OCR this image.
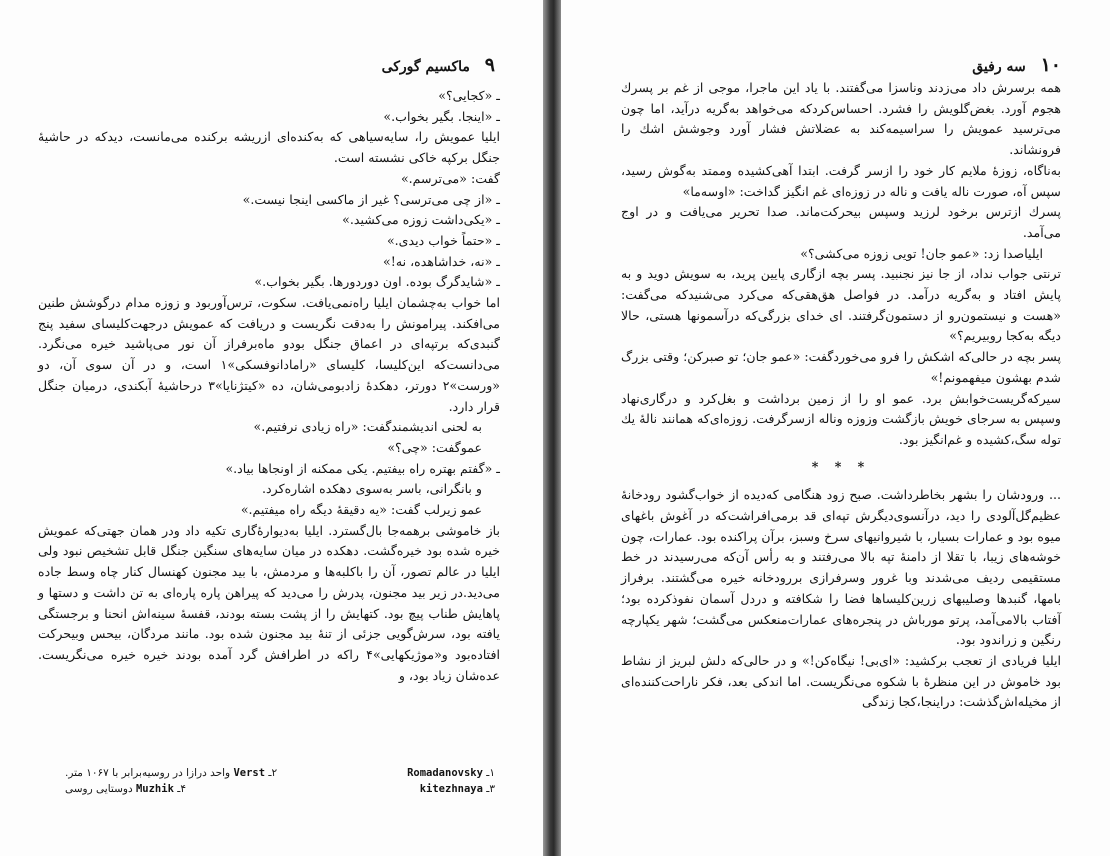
۹ ماکسیم گورکی

ـ «کجایی؟»

ـ «اینجا. بگیر بخواب.»

ایلیا عمویش را، سایه‌سیاهی که به‌کنده‌ای ازریشه برکنده می‌مانست، دیدکه در حاشیهٔ جنگل برکپه خاکی نشسته است.

گفت: «می‌ترسم.»

ـ «از چی می‌ترسی؟ غیر از ماکسی اینجا نیست.»

ـ «یکی‌داشت زوزه می‌کشید.»

ـ «حتماً خواب دیدی.»

ـ «نه، خداشاهده، نه!»

ـ «شایدگرگ بوده. اون دوردورها. بگیر بخواب.»

اما خواب به‌چشمان ایلیا راه‌نمی‌یافت. سکوت، ترس‌آوربود و زوزه مدام درگوشش طنین می‌افکند. پیرامونش را به‌دقت نگریست و دریافت که عمویش درجهت‌کلیسای سفید پنج گنبدی‌که برتپه‌ای در اعماق جنگل بودو ماه‌برفراز آن نور می‌پاشید خیره می‌نگرد. می‌دانست‌که این‌کلیسا، کلیسای «رامادانوفسکی»۱ است، و در آن سوی آن، دو «ورست»۲ دورتر، دهکدهٔ زادبومی‌شان، ده «کیتژنایا»۳ درحاشیهٔ آبکندی، درمیان جنگل قرار دارد.

به لحنی اندیشمندگفت: «راه زیادی نرفتیم.»

عموگفت: «چی؟»

ـ «گفتم بهتره راه بیفتیم. یکی ممکنه از اونجاها بیاد.»

و بانگرانی، باسر به‌سوی دهکده اشاره‌کرد.

عمو زیرلب گفت: «یه دقیقهٔ دیگه راه میفتیم.»

باز خاموشی برهمه‌جا بال‌گسترد. ایلیا به‌دیوارهٔ‌گاری تکیه داد ودر همان جهتی‌که عمویش خیره شده بود خیره‌گشت. دهکده در میان سایه‌های سنگین جنگل قابل تشخیص نبود ولی ایلیا در عالم تصور، آن را با‌کلبه‌ها و مردمش، با بید مجنون کهنسال کنار چاه وسط جاده می‌دید.در زیر بید مجنون، پدرش را می‌دید که پیراهن پاره پاره‌ای به تن داشت و دستها و پاهایش طناب پیچ بود. کتهایش را از پشت بسته بودند، قفسهٔ سینه‌اش انحنا و برجستگی یافته بود، سرش‌گویی جزئی از تنهٔ بید مجنون شده بود. مانند مردگان، بیحس وبیحرکت افتاده‌بود و«موژیکهایی»۴ راکه در اطرافش گرد آمده بودند خیره خیره می‌نگریست. عده‌شان زیاد بود، و

۲ـ Verst واحد درازا در روسیه‌برابر با ۱۰۶۷ متر.	۱ـ Romadanovsky
۴ـ Muzhik دوستایی روسی	۳ـ kitezhnaya
۱۰ سه رفیق

همه برسرش داد می‌زدند وناسزا می‌گفتند. با یاد این ماجرا، موجی از غم بر پسرك هجوم آورد. بغض‌گلویش را فشرد. احساس‌کرد‌که می‌خواهد به‌گریه درآید، اما چون می‌ترسید عمویش را سراسیمه‌کند به عضلاتش فشار آورد وجوشش اشك را فرونشاند.

به‌ناگاه، زوزهٔ ملایم کار خود را ازسر گرفت. ابتدا آهی‌کشیده وممتد به‌گوش رسید، سپس آه، صورت ناله یافت و ناله در زوزه‌ای غم انگیز گداخت: «اوسه‌ما»

پسرك ازترس برخود لرزید وسپس بیحرکت‌ماند. صدا تحریر می‌یافت و در اوج می‌آمد.

ایلیاصدا زد: «عمو جان! تویی زوزه می‌کشی؟»

ترنتی جواب نداد، از جا نیز نجنبید. پسر بچه ازگاری پایین پرید، به سویش دوید و به پایش افتاد و به‌گریه درآمد. در فواصل هق‌هقی‌که می‌کرد می‌شنیدکه می‌گفت: «هست و نیستمون‌رو از دستمون‌گرفتند. ای خدای بزرگی‌که درآسمونها هستی، حالا دیگه به‌کجا روبیریم؟»

پسر بچه در حالی‌که اشکش را فرو می‌خورد‌گفت: «عمو جان؛ تو صبرکن؛ وقتی بزرگ شدم بهشون میفهمونم!»

سیرکه‌گریست‌خوابش برد. عمو او را از زمین برداشت و بغل‌کرد و در‌گاری‌نهاد وسپس به سرجای خویش بازگشت وزوزه وناله ازسرگرفت. زوزه‌ای‌که همانند نالهٔ یك توله سگ،کشیده و غم‌انگیز بود.

* * *

... ورودشان را بشهر بخاطرداشت. صبح زود هنگامی کەدیده از خواب‌گشود رودخانهٔ عظیم‌گل‌آلودی را دید، درآنسوی‌دیگرش تپه‌ای قد برمی‌افراشت‌که در آغوش باغهای میوه بود و عمارات بسیار، با شیروانیهای سرخ وسبز، برآن پراکنده بود. عمارات، چون خوشه‌های زیبا، با تقلا از دامنهٔ تپه بالا می‌رفتند و به رأس آن‌که می‌رسیدند در خط مستقیمی ردیف می‌شدند وبا غرور وسرفرازی بررودخانه خیره می‌گشتند. برفراز بامها، گنبدها وصلیبهای زرین‌کلیساها فضا را شکافته و دردل آسمان نفوذکرده بود؛آفتاب بالامی‌آمد، پرتو مورباش در پنجره‌های عمارات‌منعکس می‌گشت؛ شهر یکپارچه رنگین و زراندود بود.

ایلیا فریادی از تعجب برکشید: «ای‌بی! نیگاه‌کن!» و در حالی‌که دلش لبریز از نشاط بود خاموش در این منظرهٔ با شکوه می‌نگریست. اما اندکی بعد، فکر ناراحت‌کننده‌ای از مخیله‌اش‌گذشت: دراینجا،کجا زندگی
